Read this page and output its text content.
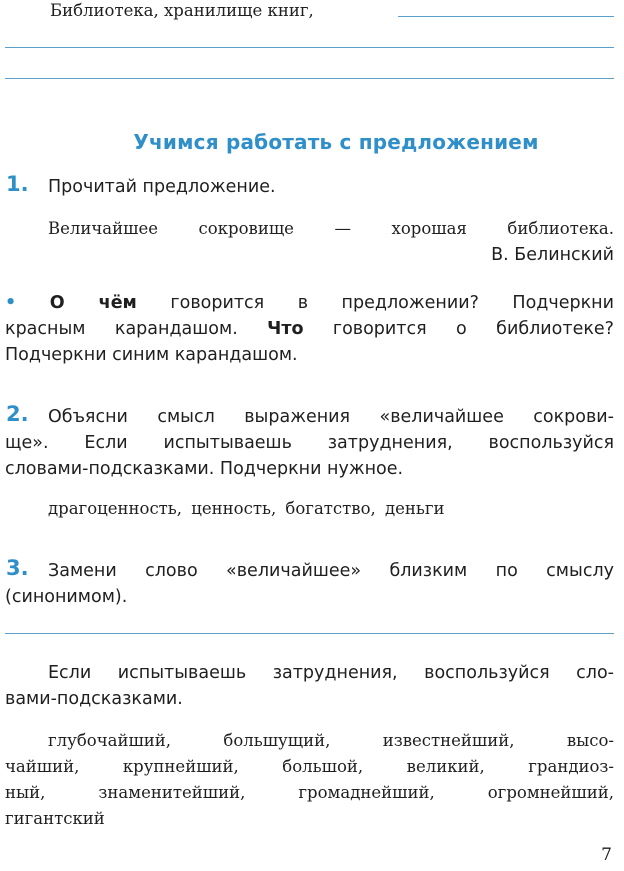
Библиотека, хранилище книг,
Учимся работать с предложением
1. Прочитай предложение.
Величайшее сокровище — хорошая библиотека.
В. Белинский
• О чём говорится в предложении? Подчеркни
красным карандашом. Что говорится о библиотеке?
Подчеркни синим карандашом.
2. Объясни смысл выражения «величайшее сокрови-
ще». Если испытываешь затруднения, воспользуйся
словами-подсказками. Подчеркни нужное.
драгоценность, ценность, богатство, деньги
3. Замени слово «величайшее» близким по смыслу
(синонимом).
Если испытываешь затруднения, воспользуйся сло-
вами-подсказками.
глубочайший, большущий, известнейший, высо-
чайший, крупнейший, большой, великий, грандиоз-
ный, знаменитейший, громаднейший, огромнейший,
гигантский
7
